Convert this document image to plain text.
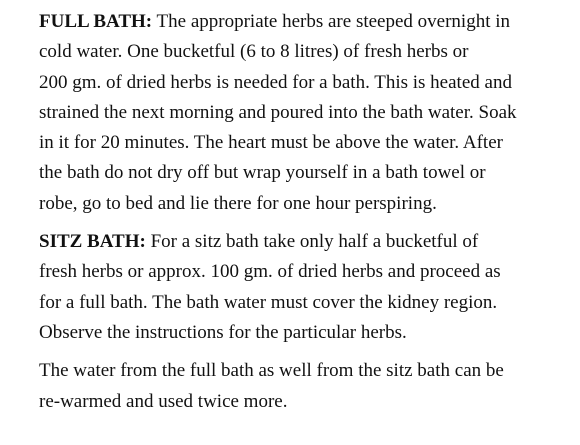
FULL BATH: The appropriate herbs are steeped overnight in
cold water. One bucketful (6 to 8 litres) of fresh herbs or
200 gm. of dried herbs is needed for a bath. This is heated and
strained the next morning and poured into the bath water. Soak
in it for 20 minutes. The heart must be above the water. After
the bath do not dry off but wrap yourself in a bath towel or
robe, go to bed and lie there for one hour perspiring.

SITZ BATH: For a sitz bath take only half a bucketful of
fresh herbs or approx. 100 gm. of dried herbs and proceed as
for a full bath. The bath water must cover the kidney region.
Observe the instructions for the particular herbs.

The water from the full bath as well from the sitz bath can be
re-warmed and used twice more.
